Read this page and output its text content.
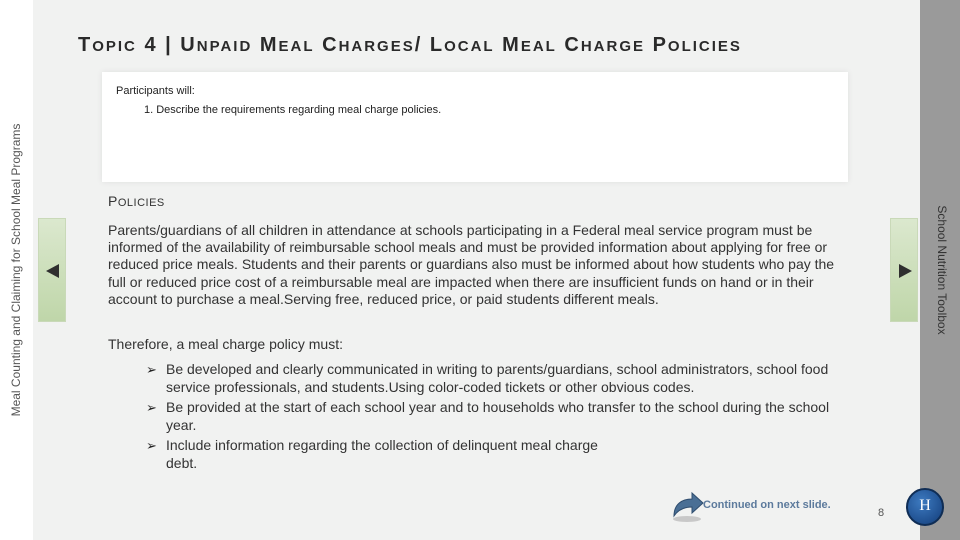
Meal Counting and Claiming for School Meal Programs	School Nutrition Toolbox
TOPIC 4 | UNPAID MEAL CHARGES/ LOCAL MEAL CHARGE POLICIES
Participants will:
1. Describe the requirements regarding meal charge policies.
POLICIES
Parents/guardians of all children in attendance at schools participating in a Federal meal service program must be informed of the availability of reimbursable school meals and must be provided information about applying for free or reduced price meals. Students and their parents or guardians also must be informed about how students who pay the full or reduced price cost of a reimbursable meal are impacted when there are insufficient funds on hand or in their account to purchase a meal.Serving free, reduced price, or paid students different meals.
Therefore, a meal charge policy must:
➢ Be developed and clearly communicated in writing to parents/guardians, school administrators, school food service professionals, and students.Using color-coded tickets or other obvious codes.
➢ Be provided at the start of each school year and to households who transfer to the school during the school year.
➢ Include information regarding the collection of delinquent meal charge debt.
Continued on next slide.
8	H
